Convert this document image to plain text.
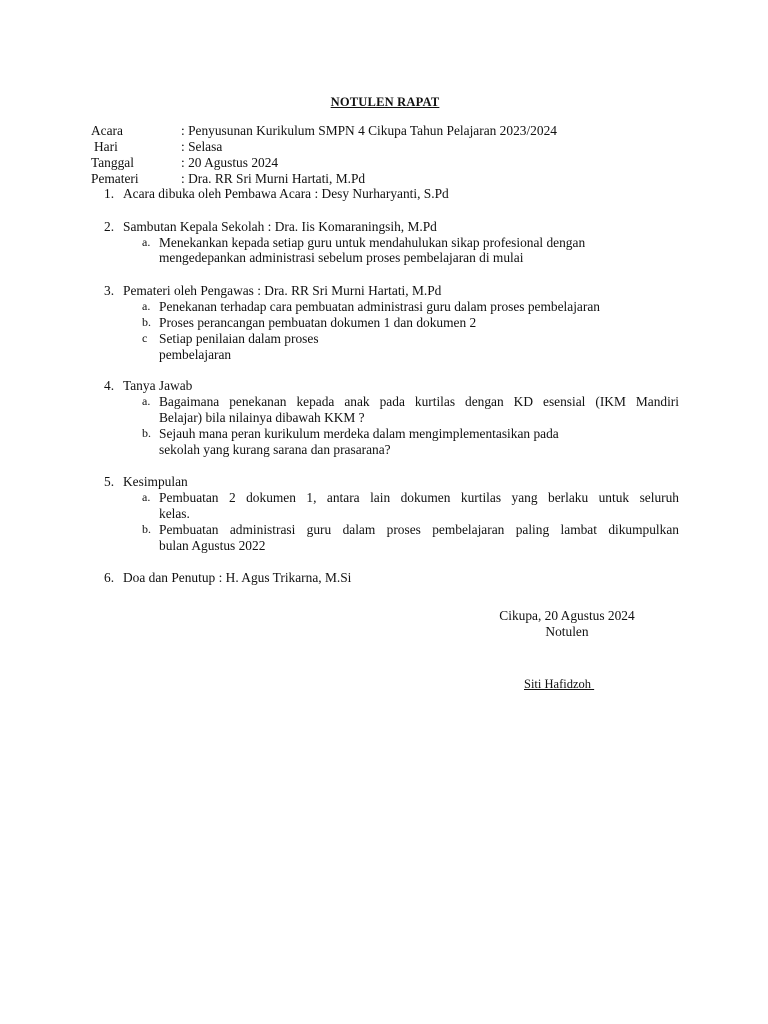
NOTULEN RAPAT
Acara	: Penyusunan Kurikulum SMPN 4 Cikupa Tahun Pelajaran 2023/2024
Hari	: Selasa
Tanggal	: 20 Agustus 2024
Pemateri	: Dra. RR Sri Murni Hartati, M.Pd
1. Acara dibuka oleh Pembawa Acara : Desy Nurharyanti, S.Pd
2. Sambutan Kepala Sekolah : Dra. Iis Komaraningsih, M.Pd
a. Menekankan kepada setiap guru untuk mendahulukan sikap profesional dengan
mengedepankan administrasi sebelum proses pembelajaran di mulai
3. Pemateri oleh Pengawas : Dra. RR Sri Murni Hartati, M.Pd
a. Penekanan terhadap cara pembuatan administrasi guru dalam proses pembelajaran
b. Proses perancangan pembuatan dokumen 1 dan dokumen 2
c Setiap penilaian dalam proses
pembelajaran
4. Tanya Jawab
a. Bagaimana penekanan kepada anak pada kurtilas dengan KD esensial (IKM Mandiri
Belajar) bila nilainya dibawah KKM ?
b. Sejauh mana peran kurikulum merdeka dalam mengimplementasikan pada
sekolah yang kurang sarana dan prasarana?
5. Kesimpulan
a. Pembuatan 2 dokumen 1, antara lain dokumen kurtilas yang berlaku untuk seluruh
kelas.
b. Pembuatan administrasi guru dalam proses pembelajaran paling lambat dikumpulkan
bulan Agustus 2022
6. Doa dan Penutup : H. Agus Trikarna, M.Si
Cikupa, 20 Agustus 2024
Notulen
Siti Hafidzoh
